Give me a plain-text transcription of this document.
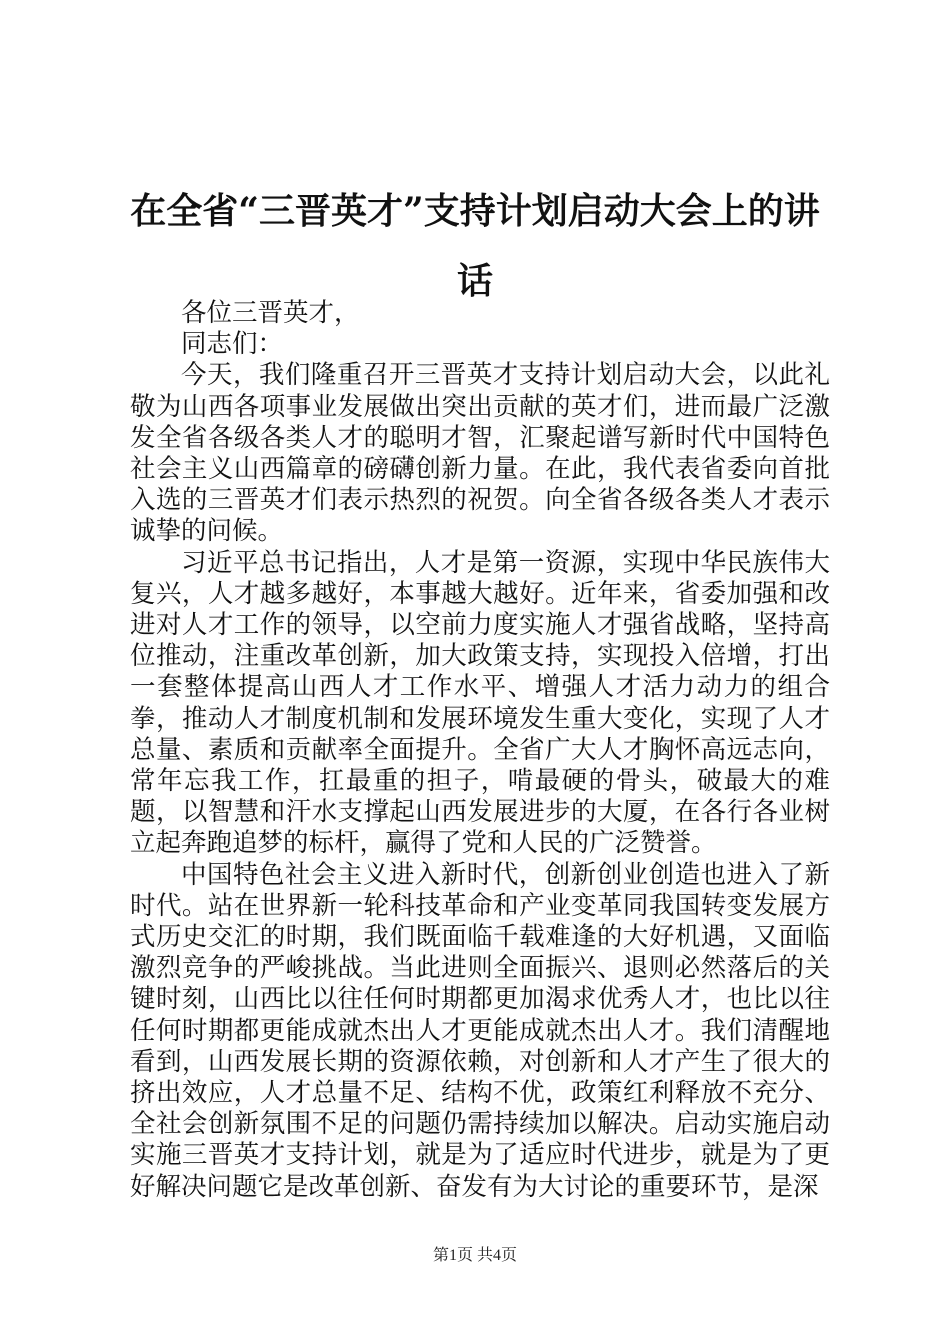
在全省“三晋英才”支持计划启动大会上的讲话

各位三晋英才，

同志们：

今天，我们隆重召开三晋英才支持计划启动大会，以此礼敬为山西各项事业发展做出突出贡献的英才们，进而最广泛激发全省各级各类人才的聪明才智，汇聚起谱写新时代中国特色社会主义山西篇章的磅礴创新力量。在此，我代表省委向首批入选的三晋英才们表示热烈的祝贺。向全省各级各类人才表示诚挚的问候。

习近平总书记指出，人才是第一资源，实现中华民族伟大复兴，人才越多越好，本事越大越好。近年来，省委加强和改进对人才工作的领导，以空前力度实施人才强省战略，坚持高位推动，注重改革创新，加大政策支持，实现投入倍增，打出一套整体提高山西人才工作水平、增强人才活力动力的组合拳，推动人才制度机制和发展环境发生重大变化，实现了人才总量、素质和贡献率全面提升。全省广大人才胸怀高远志向，常年忘我工作，扛最重的担子，啃最硬的骨头，破最大的难题，以智慧和汗水支撑起山西发展进步的大厦，在各行各业树立起奔跑追梦的标杆，赢得了党和人民的广泛赞誉。

中国特色社会主义进入新时代，创新创业创造也进入了新时代。站在世界新一轮科技革命和产业变革同我国转变发展方式历史交汇的时期，我们既面临千载难逢的大好机遇，又面临激烈竞争的严峻挑战。当此进则全面振兴、退则必然落后的关键时刻，山西比以往任何时期都更加渴求优秀人才，也比以往任何时期都更能成就杰出人才更能成就杰出人才。我们清醒地看到，山西发展长期的资源依赖，对创新和人才产生了很大的挤出效应，人才总量不足、结构不优，政策红利释放不充分、全社会创新氛围不足的问题仍需持续加以解决。启动实施启动实施三晋英才支持计划，就是为了适应时代进步，就是为了更好解决问题它是改革创新、奋发有为大讨论的重要环节，是深

第1页 共4页
